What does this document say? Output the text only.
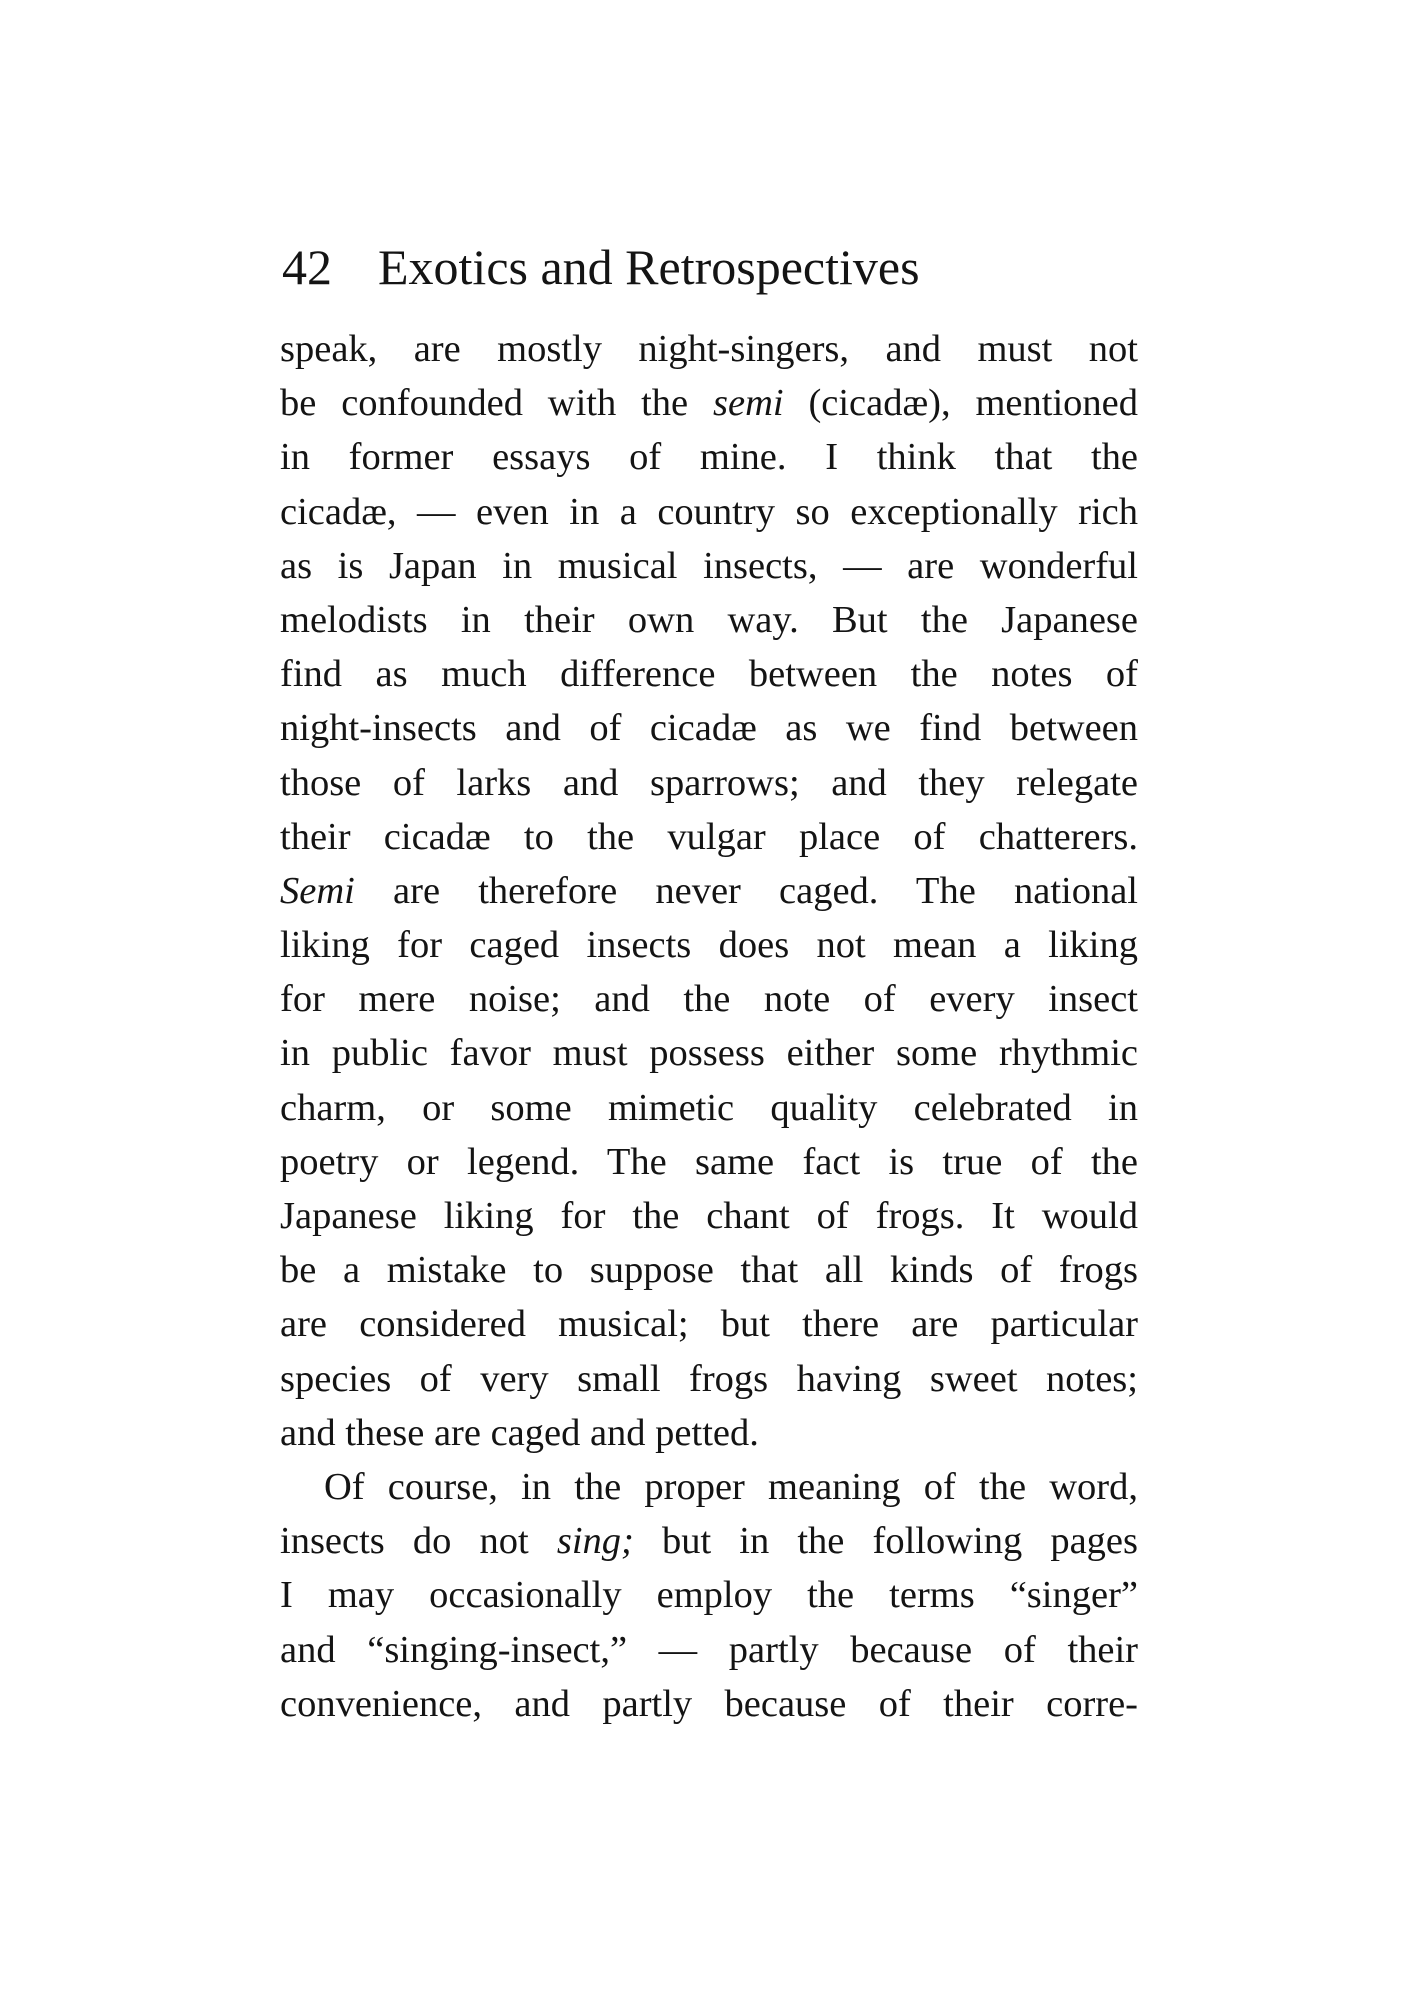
42 Exotics and Retrospectives
speak, are mostly night-singers, and must not
be confounded with the semi (cicadæ), mentioned
in former essays of mine. I think that the
cicadæ, — even in a country so exceptionally rich
as is Japan in musical insects, — are wonderful
melodists in their own way. But the Japanese
find as much difference between the notes of
night-insects and of cicadæ as we find between
those of larks and sparrows; and they relegate
their cicadæ to the vulgar place of chatterers.
Semi are therefore never caged. The national
liking for caged insects does not mean a liking
for mere noise; and the note of every insect
in public favor must possess either some rhythmic
charm, or some mimetic quality celebrated in
poetry or legend. The same fact is true of the
Japanese liking for the chant of frogs. It would
be a mistake to suppose that all kinds of frogs
are considered musical; but there are particular
species of very small frogs having sweet notes;
and these are caged and petted.
Of course, in the proper meaning of the word,
insects do not sing; but in the following pages
I may occasionally employ the terms “singer”
and “singing-insect,” — partly because of their
convenience, and partly because of their corre-
